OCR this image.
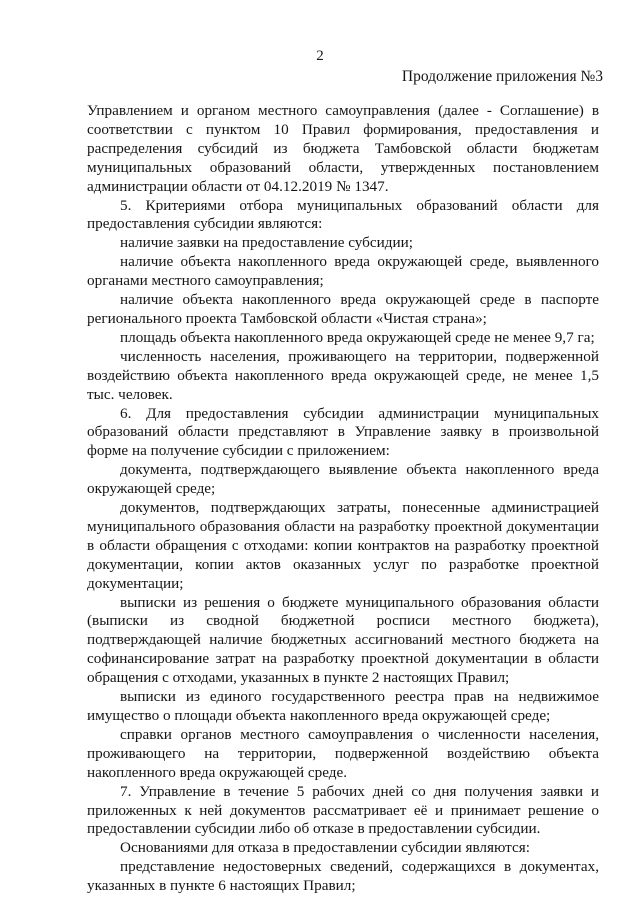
2
Продолжение приложения №3

Управлением и органом местного самоуправления (далее - Соглашение) в соответствии с пунктом 10 Правил формирования, предоставления и распределения субсидий из бюджета Тамбовской области бюджетам муниципальных образований области, утвержденных постановлением администрации области от 04.12.2019 № 1347.

5. Критериями отбора муниципальных образований области для предоставления субсидии являются:

наличие заявки на предоставление субсидии;

наличие объекта накопленного вреда окружающей среде, выявленного органами местного самоуправления;

наличие объекта накопленного вреда окружающей среде в паспорте регионального проекта Тамбовской области «Чистая страна»;

площадь объекта накопленного вреда окружающей среде не менее 9,7 га;

численность населения, проживающего на территории, подверженной воздействию объекта накопленного вреда окружающей среде, не менее 1,5 тыс. человек.

6. Для предоставления субсидии администрации муниципальных образований области представляют в Управление заявку в произвольной форме на получение субсидии с приложением:

документа, подтверждающего выявление объекта накопленного вреда окружающей среде;

документов, подтверждающих затраты, понесенные администрацией муниципального образования области на разработку проектной документации в области обращения с отходами: копии контрактов на разработку проектной документации, копии актов оказанных услуг по разработке проектной документации;

выписки из решения о бюджете муниципального образования области (выписки из сводной бюджетной росписи местного бюджета), подтверждающей наличие бюджетных ассигнований местного бюджета на софинансирование затрат на разработку проектной документации в области обращения с отходами, указанных в пункте 2 настоящих Правил;

выписки из единого государственного реестра прав на недвижимое имущество о площади объекта накопленного вреда окружающей среде;

справки органов местного самоуправления о численности населения, проживающего на территории, подверженной воздействию объекта накопленного вреда окружающей среде.

7. Управление в течение 5 рабочих дней со дня получения заявки и приложенных к ней документов рассматривает её и принимает решение о предоставлении субсидии либо об отказе в предоставлении субсидии.

Основаниями для отказа в предоставлении субсидии являются:

представление недостоверных сведений, содержащихся в документах, указанных в пункте 6 настоящих Правил;
